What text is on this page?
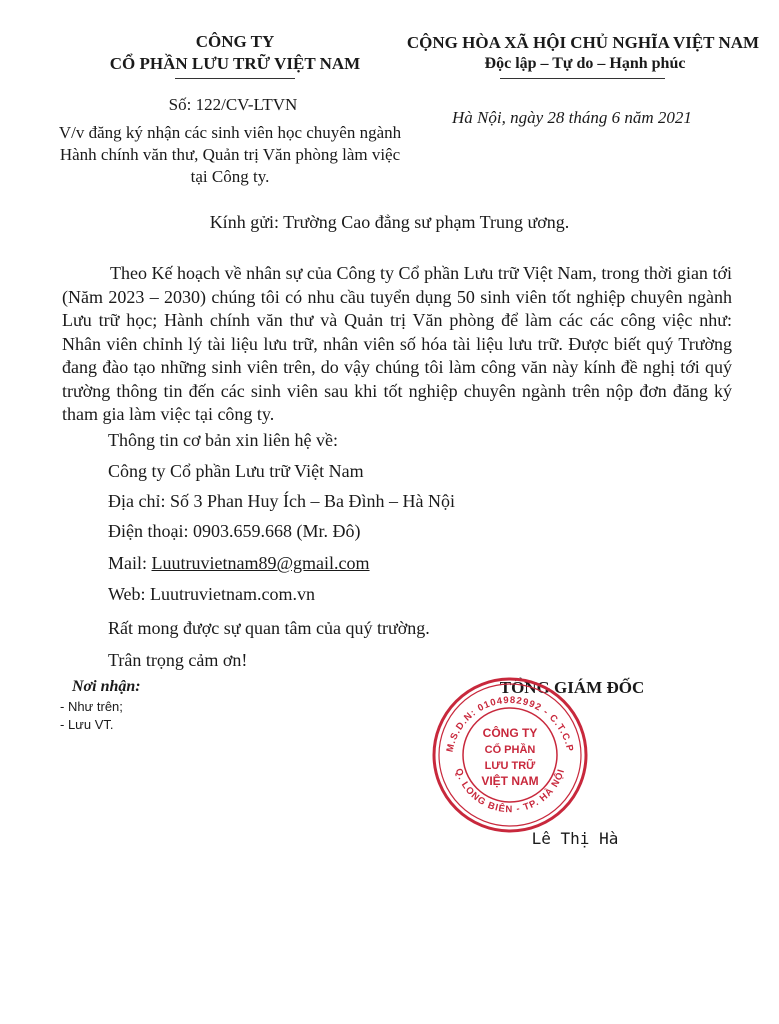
CÔNG TY
CỔ PHẦN LƯU TRỮ VIỆT NAM
CỘNG HÒA XÃ HỘI CHỦ NGHĨA VIỆT NAM
Độc lập – Tự do – Hạnh phúc
Số: 122/CV-LTVN
V/v đăng ký nhận các sinh viên học chuyên ngành Hành chính văn thư, Quản trị Văn phòng làm việc tại Công ty.
Hà Nội, ngày 28 tháng 6 năm 2021
Kính gửi: Trường Cao đẳng sư phạm Trung ương.
Theo Kế hoạch về nhân sự của Công ty Cổ phần Lưu trữ Việt Nam, trong thời gian tới (Năm 2023 – 2030) chúng tôi có nhu cầu tuyển dụng 50 sinh viên tốt nghiệp chuyên ngành Lưu trữ học; Hành chính văn thư và Quản trị Văn phòng để làm các các công việc như: Nhân viên chỉnh lý tài liệu lưu trữ, nhân viên số hóa tài liệu lưu trữ. Được biết quý Trường đang đào tạo những sinh viên trên, do vậy chúng tôi làm công văn này kính đề nghị tới quý trường thông tin đến các sinh viên sau khi tốt nghiệp chuyên ngành trên nộp đơn đăng ký tham gia làm việc tại công ty.
Thông tin cơ bản xin liên hệ về:
Công ty Cổ phần Lưu trữ Việt Nam
Địa chỉ: Số 3 Phan Huy Ích – Ba Đình – Hà Nội
Điện thoại: 0903.659.668 (Mr. Đô)
Mail: Luutruvietnam89@gmail.com
Web: Luutruvietnam.com.vn
Rất mong được sự quan tâm của quý trường.
Trân trọng cảm ơn!
Nơi nhận:
- Như trên;
- Lưu VT.
TỔNG GIÁM ĐỐC
M.S.D.N: 0104982992 - C.T.C.P
Q. LONG BIÊN - TP. HÀ NỘI
CÔNG TY
CỔ PHẦN
LƯU TRỮ
VIỆT NAM
Lê Thị Hà
